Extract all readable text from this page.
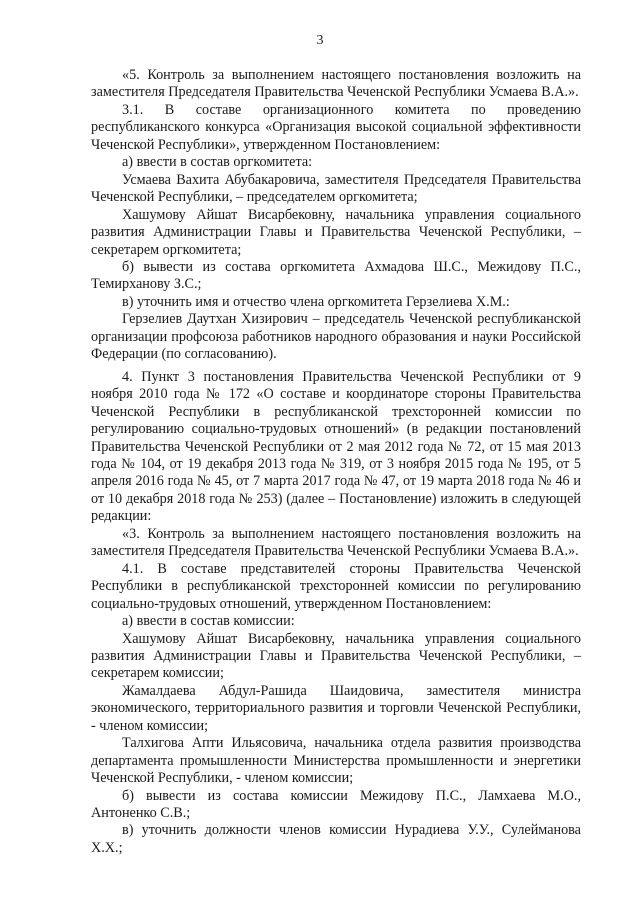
3

«5. Контроль за выполнением настоящего постановления возложить на заместителя Председателя Правительства Чеченской Республики Усмаева В.А.».

3.1. В составе организационного комитета по проведению республиканского конкурса «Организация высокой социальной эффективности Чеченской Республики», утвержденном Постановлением:

а) ввести в состав оргкомитета:

Усмаева Вахита Абубакаровича, заместителя Председателя Правительства Чеченской Республики, – председателем оргкомитета;

Хашумову Айшат Висарбековну, начальника управления социального развития Администрации Главы и Правительства Чеченской Республики, – секретарем оргкомитета;

б) вывести из состава оргкомитета Ахмадова Ш.С., Межидову П.С., Темирханову З.С.;

в) уточнить имя и отчество члена оргкомитета Герзелиева Х.М.:

Герзелиев Даутхан Хизирович – председатель Чеченской республиканской организации профсоюза работников народного образования и науки Российской Федерации (по согласованию).

4. Пункт 3 постановления Правительства Чеченской Республики от 9 ноября 2010 года № 172 «О составе и координаторе стороны Правительства Чеченской Республики в республиканской трехсторонней комиссии по регулированию социально-трудовых отношений» (в редакции постановлений Правительства Чеченской Республики от 2 мая 2012 года № 72, от 15 мая 2013 года № 104, от 19 декабря 2013 года № 319, от 3 ноября 2015 года № 195, от 5 апреля 2016 года № 45, от 7 марта 2017 года № 47, от 19 марта 2018 года № 46 и от 10 декабря 2018 года № 253) (далее – Постановление) изложить в следующей редакции:

«3. Контроль за выполнением настоящего постановления возложить на заместителя Председателя Правительства Чеченской Республики Усмаева В.А.».

4.1. В составе представителей стороны Правительства Чеченской Республики в республиканской трехсторонней комиссии по регулированию социально-трудовых отношений, утвержденном Постановлением:

а) ввести в состав комиссии:

Хашумову Айшат Висарбековну, начальника управления социального развития Администрации Главы и Правительства Чеченской Республики, – секретарем комиссии;

Жамалдаева Абдул-Рашида Шаидовича, заместителя министра экономического, территориального развития и торговли Чеченской Республики, - членом комиссии;

Талхигова Апти Ильясовича, начальника отдела развития производства департамента промышленности Министерства промышленности и энергетики Чеченской Республики, - членом комиссии;

б) вывести из состава комиссии Межидову П.С., Ламхаева М.О., Антоненко С.В.;

в) уточнить должности членов комиссии Нурадиева У.У., Сулейманова Х.Х.;
